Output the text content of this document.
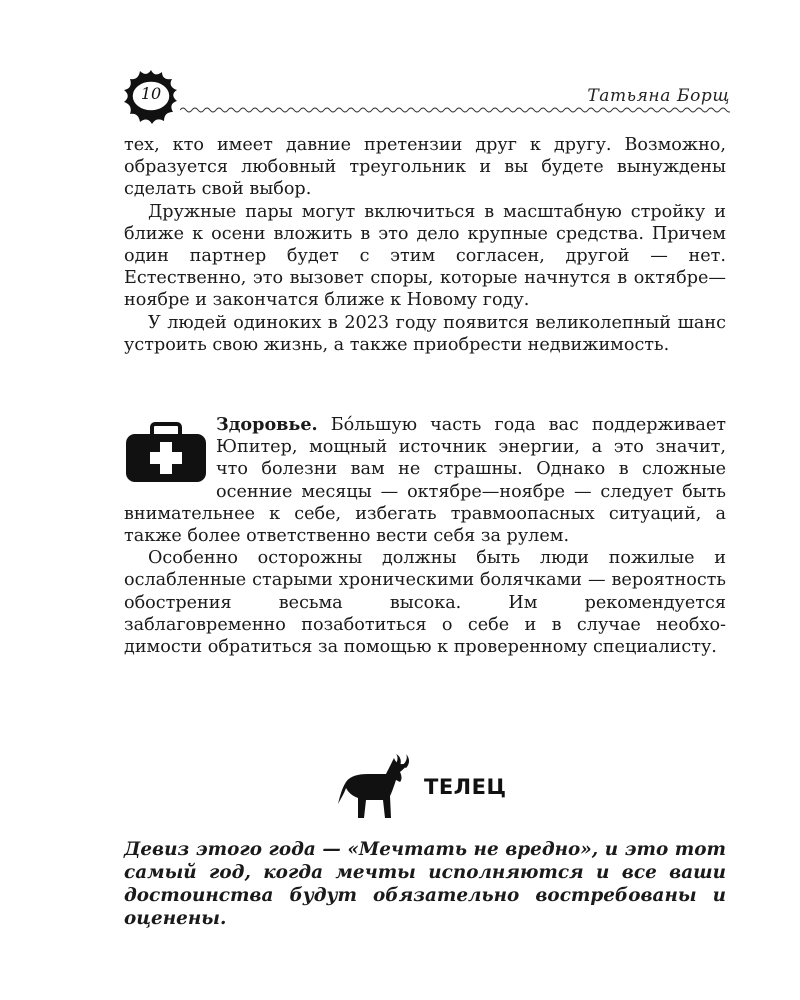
10	Татьяна Борщ

тех, кто имеет давние претензии друг к другу. Возможно, образуется любовный треугольник и вы будете вынуждены сделать свой выбор.

Дружные пары могут включиться в масштабную стройку и ближе к осени вложить в это дело крупные средства. Причем один партнер будет с этим согласен, другой — нет. Естественно, это вызовет споры, которые начнутся в октябре—ноябре и закончатся ближе к Новому году.

У людей одиноких в 2023 году появится великолепный шанс устроить свою жизнь, а также приобрести недвижимость.

Здоровье. Бóльшую часть года вас поддерживает Юпитер, мощный источник энергии, а это значит, что болезни вам не страшны. Однако в сложные осенние месяцы — октябре—ноябре — следует быть внимательнее к себе, избегать травмоопасных ситуаций, а также более ответственно вести себя за рулем.

Особенно осторожны должны быть люди пожилые и ослабленные старыми хроническими болячками — вероятность обострения весьма высока. Им рекомендуется заблаговременно позаботиться о себе и в случае необходимости обратиться за помощью к проверенному специалисту.

ТЕЛЕЦ

Девиз этого года — «Мечтать не вредно», и это тот самый год, когда мечты исполняются и все ваши достоинства будут обязательно востребованы и оценены.
